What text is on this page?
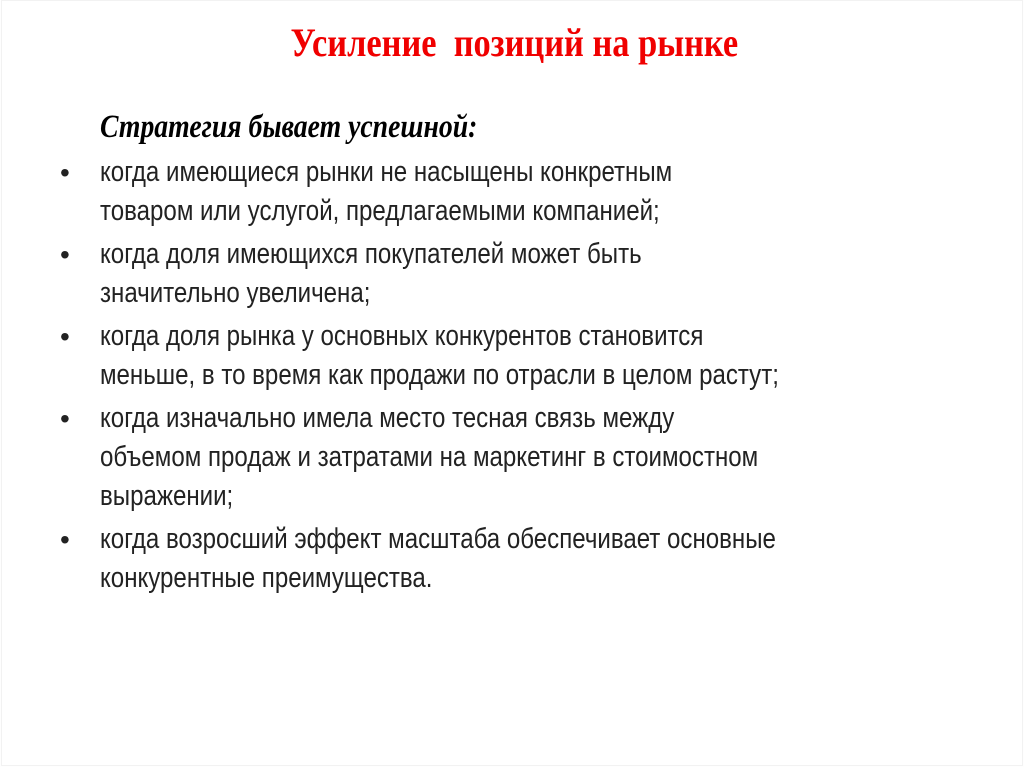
Усиление  позиций на рынке
Стратегия бывает успешной:
• когда имеющиеся рынки не насыщены конкретным
товаром или услугой, предлагаемыми компанией;
• когда доля имеющихся покупателей может быть
значительно увеличена;
• когда доля рынка у основных конкурентов становится
меньше, в то время как продажи по отрасли в целом растут;
• когда изначально имела место тесная связь между
объемом продаж и затратами на маркетинг в стоимостном
выражении;
• когда возросший эффект масштаба обеспечивает основные
конкурентные преимущества.
